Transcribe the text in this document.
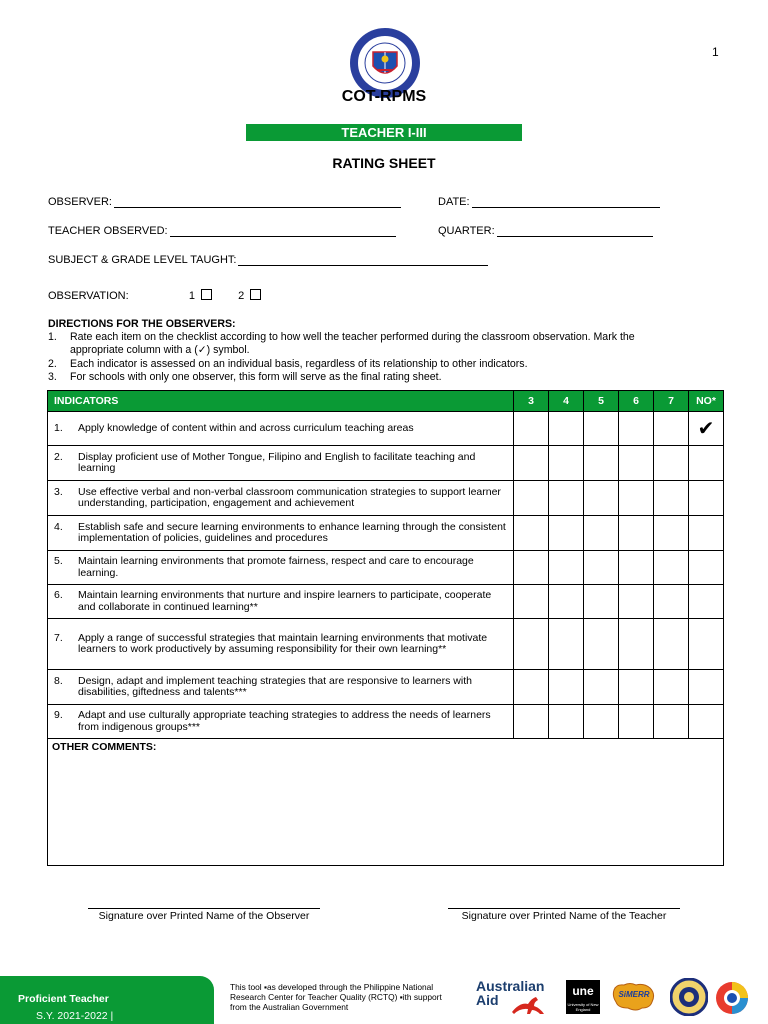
1
COT-RPMS
TEACHER I-III
RATING SHEET
OBSERVER:	DATE:
TEACHER OBSERVED:	QUARTER:
SUBJECT & GRADE LEVEL TAUGHT:
OBSERVATION:	1	2
DIRECTIONS FOR THE OBSERVERS:
1. Rate each item on the checklist according to how well the teacher performed during the classroom observation. Mark the appropriate column with a (✓) symbol.
2. Each indicator is assessed on an individual basis, regardless of its relationship to other indicators.
3. For schools with only one observer, this form will serve as the final rating sheet.
INDICATORS	3	4	5	6	7	NO*

1. Apply knowledge of content within and across curriculum teaching areas						✔

2. Display proficient use of Mother Tongue, Filipino and English to facilitate teaching and learning						

3. Use effective verbal and non-verbal classroom communication strategies to support learner understanding, participation, engagement and achievement						

4. Establish safe and secure learning environments to enhance learning through the consistent implementation of policies, guidelines and procedures						

5. Maintain learning environments that promote fairness, respect and care to encourage learning.						

6. Maintain learning environments that nurture and inspire learners to participate, cooperate and collaborate in continued learning**						

7. Apply a range of successful strategies that maintain learning environments that motivate learners to work productively by assuming responsibility for their own learning**						

8. Design, adapt and implement teaching strategies that are responsive to learners with disabilities, giftedness and talents***						

9. Adapt and use culturally appropriate teaching strategies to address the needs of learners from indigenous groups***						

OTHER COMMENTS:						
Signature over Printed Name of the Observer	Signature over Printed Name of the Teacher
S.Y. 2021-2022 |
Proficient Teacher
This tool ▪as developed through the Philippine National Research Center for Teacher Quality (RCTQ) ▪ith support from the Australian Government
Australian
Aid
une
University of New England
SiMERR
